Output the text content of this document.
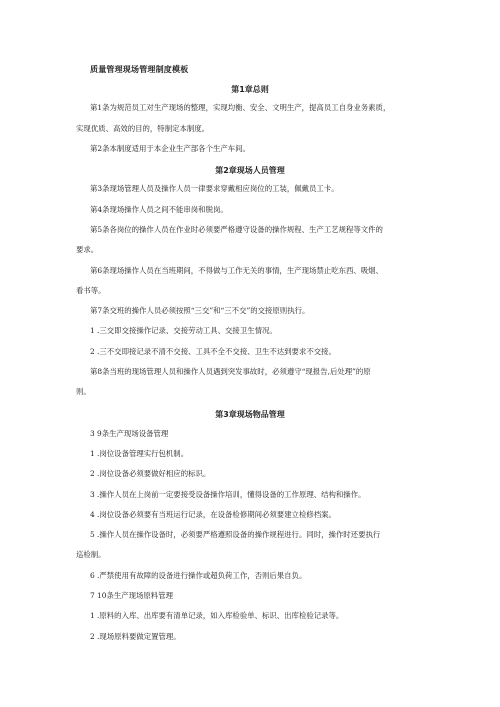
质量管理现场管理制度模板
第1章总则
第1条为规范员工对生产现场的整理，实现均衡、安全、文明生产，提高员工自身业务素质，
实现优质、高效的目的，特制定本制度。
第2条本制度适用于本企业生产部各个生产车间。
第2章现场人员管理
第3条现场管理人员及操作人员一律要求穿戴相应岗位的工装，佩戴员工卡。
第4条现场操作人员之间不能串岗和脱岗。
第5条各岗位的操作人员在作业时必须要严格遵守设备的操作规程、生产工艺规程等文件的
要求。
第6条现场操作人员在当班期间，不得做与工作无关的事情，生产现场禁止吃东西、吸烟、
看书等。
第7条交班的操作人员必须按照“三交”和“三不交”的交接原则执行。
1 .三交即交接操作记录、交接劳动工具、交接卫生情况。
2 .三不交即接记录不清不交接、工具不全不交接、卫生不达到要求不交接。
第8条当班的现场管理人员和操作人员遇到突发事故时，必须遵守“现报告,后处理”的原
则。
第3章现场物品管理
3 9条生产现场设备管理
1 .岗位设备管理实行包机制。
2 .岗位设备必须要做好相应的标识。
3 .操作人员在上岗前一定要接受设备操作培训，懂得设备的工作原理、结构和操作。
4 .岗位设备必须要有当班运行记录，在设备检修期间必须要建立检修档案。
5 .操作人员在操作设备时，必须要严格遵照设备的操作规程进行。同时，操作时还要执行
巡检制。
6 .严禁使用有故障的设备进行操作或超负荷工作，否则后果自负。
7 10条生产现场原料管理
1 .原料的入库、出库要有清单记录，如入库检验单、标识、出库检验记录等。
2 .现场原料要做定置管理。
